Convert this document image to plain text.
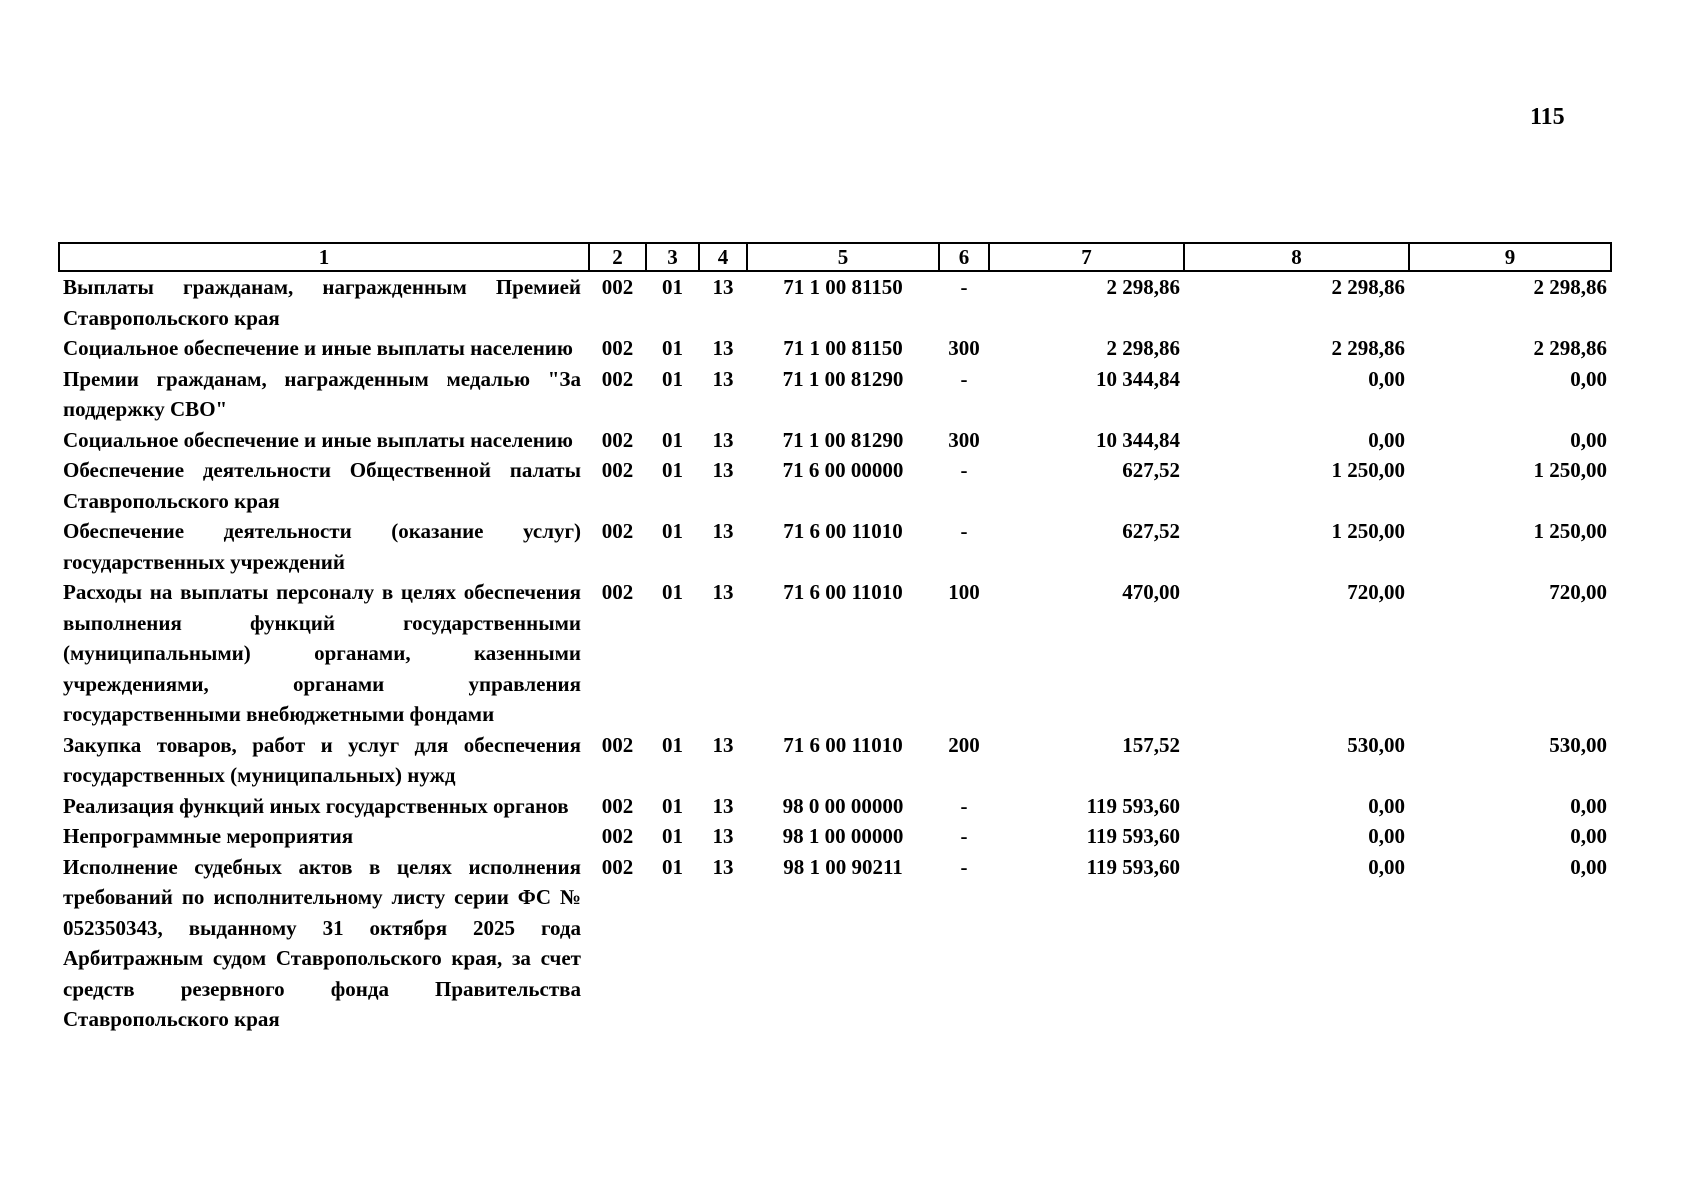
115
1	2	3	4	5	6	7	8	9
Выплаты гражданам, награжденным Премией Ставропольского края	002	01	13	71 1 00 81150	-	2 298,86	2 298,86	2 298,86
Социальное обеспечение и иные выплаты населению	002	01	13	71 1 00 81150	300	2 298,86	2 298,86	2 298,86
Премии гражданам, награжденным медалью "За поддержку СВО"	002	01	13	71 1 00 81290	-	10 344,84	0,00	0,00
Социальное обеспечение и иные выплаты населению	002	01	13	71 1 00 81290	300	10 344,84	0,00	0,00
Обеспечение деятельности Общественной палаты Ставропольского края	002	01	13	71 6 00 00000	-	627,52	1 250,00	1 250,00
Обеспечение деятельности (оказание услуг) государственных учреждений	002	01	13	71 6 00 11010	-	627,52	1 250,00	1 250,00
Расходы на выплаты персоналу в целях обеспечения выполнения функций государственными (муниципальными) органами, казенными учреждениями, органами управления государственными внебюджетными фондами	002	01	13	71 6 00 11010	100	470,00	720,00	720,00
Закупка товаров, работ и услуг для обеспечения государственных (муниципальных) нужд	002	01	13	71 6 00 11010	200	157,52	530,00	530,00
Реализация функций иных государственных органов	002	01	13	98 0 00 00000	-	119 593,60	0,00	0,00
Непрограммные мероприятия	002	01	13	98 1 00 00000	-	119 593,60	0,00	0,00
Исполнение судебных актов в целях исполнения требований по исполнительному листу серии ФС № 052350343, выданному 31 октября 2025 года Арбитражным судом Ставропольского края, за счет средств резервного фонда Правительства Ставропольского края	002	01	13	98 1 00 90211	-	119 593,60	0,00	0,00
